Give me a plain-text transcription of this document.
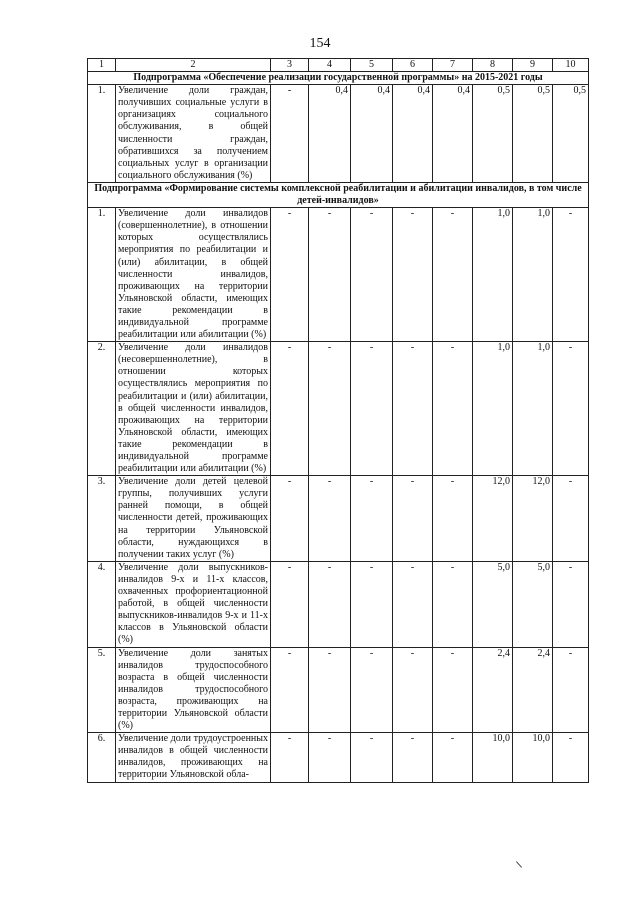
154
1	2	3	4	5	6	7	8	9	10
Подпрограмма «Обеспечение реализации государственной программы» на 2015-2021 годы									
1.	Увеличение доли граждан, получивших социальные услуги в организациях социального обслуживания, в общей численности граждан, обратившихся за получением социальных услуг в организации социального обслуживания (%)	-	0,4	0,4	0,4	0,4	0,5	0,5	0,5
Подпрограмма «Формирование системы комплексной реабилитации и абилитации инвалидов, в том числе детей-инвалидов»									
1.	Увеличение доли инвалидов (совершеннолетние), в отношении которых осуществлялись мероприятия по реабилитации и (или) абилитации, в общей численности инвалидов, проживающих на территории Ульяновской области, имеющих такие рекомендации в индивидуальной программе реабилитации или абилитации (%)	-	-	-	-	-	1,0	1,0	-
2.	Увеличение доли инвалидов (несовершеннолетние), в отношении которых осуществлялись мероприятия по реабилитации и (или) абилитации, в общей численности инвалидов, проживающих на территории Ульяновской области, имеющих такие рекомендации в индивидуальной программе реабилитации или абилитации (%)	-	-	-	-	-	1,0	1,0	-
3.	Увеличение доли детей целевой группы, получивших услуги ранней помощи, в общей численности детей, проживающих на территории Ульяновской области, нуждающихся в получении таких услуг (%)	-	-	-	-	-	12,0	12,0	-
4.	Увеличение доли выпускников-инвалидов 9-х и 11-х классов, охваченных профориентационной работой, в общей численности выпускников-инвалидов 9-х и 11-х классов в Ульяновской области (%)	-	-	-	-	-	5,0	5,0	-
5.	Увеличение доли занятых инвалидов трудоспособного возраста в общей численности инвалидов трудоспособного возраста, проживающих на территории Ульяновской области (%)	-	-	-	-	-	2,4	2,4	-
6.	Увеличение доли трудоустроенных инвалидов в общей численности инвалидов, проживающих на территории Ульяновской обла-	-	-	-	-	-	10,0	10,0	-
